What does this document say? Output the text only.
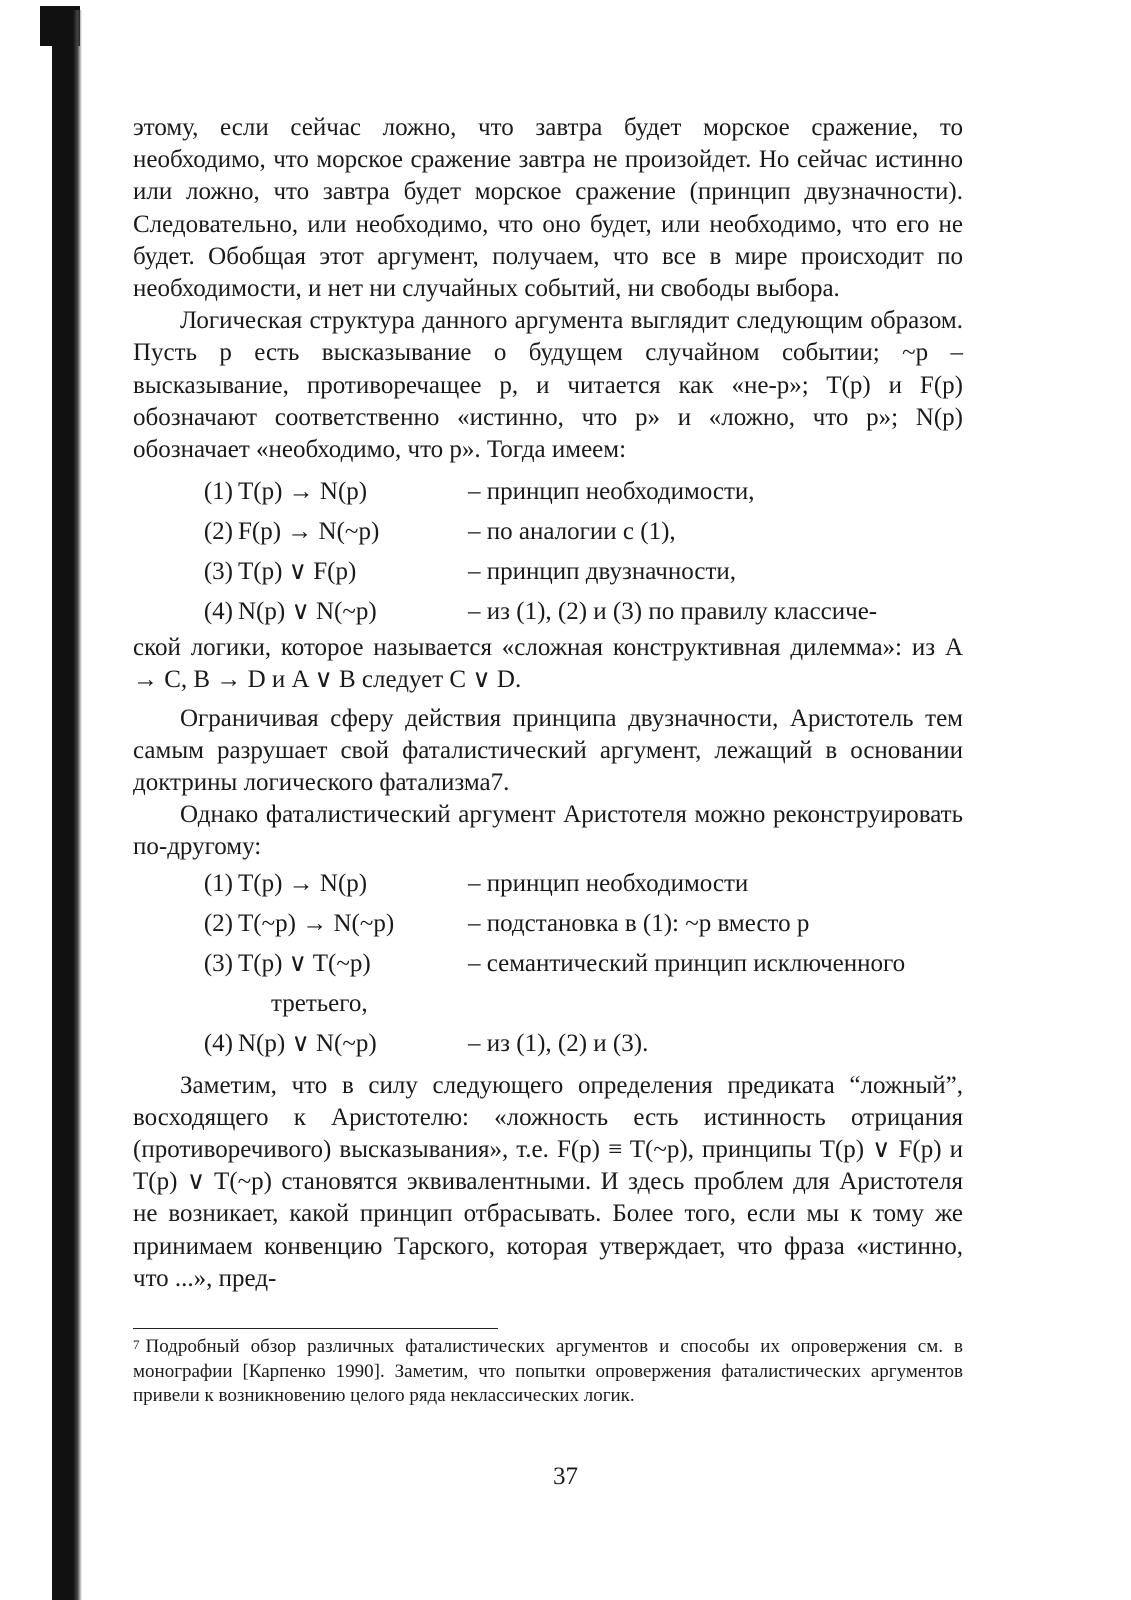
этому, если сейчас ложно, что завтра будет морское сражение, то необходимо, что морское сражение завтра не произойдет. Но сейчас истинно или ложно, что завтра будет морское сражение (принцип двузначности). Следовательно, или необходимо, что оно будет, или необходимо, что его не будет. Обобщая этот аргумент, получаем, что все в мире происходит по необходимости, и нет ни случайных событий, ни свободы выбора.

Логическая структура данного аргумента выглядит следующим образом. Пусть p есть высказывание о будущем случайном событии; ~p – высказывание, противоречащее p, и читается как «не-p»; T(p) и F(p) обозначают соответственно «истинно, что p» и «ложно, что p»; N(p) обозначает «необходимо, что p». Тогда имеем:

(1) T(p) → N(p)	– принцип необходимости,
(2) F(p) → N(~p)	– по аналогии с (1),
(3) T(p) ∨ F(p)	– принцип двузначности,
(4) N(p) ∨ N(~p)	– из (1), (2) и (3) по правилу классиче-

ской логики, которое называется «сложная конструктивная дилемма»: из A → C, B → D и A ∨ B следует C ∨ D.

Ограничивая сферу действия принципа двузначности, Аристотель тем самым разрушает свой фаталистический аргумент, лежащий в основании доктрины логического фатализма7.

Однако фаталистический аргумент Аристотеля можно реконструировать по-другому:

(1) T(p) → N(p)	– принцип необходимости
(2) T(~p) → N(~p)	– подстановка в (1): ~p вместо p
(3) T(p) ∨ T(~p)	– семантический принцип исключенного
третьего,
(4) N(p) ∨ N(~p)	– из (1), (2) и (3).

Заметим, что в силу следующего определения предиката “ложный”, восходящего к Аристотелю: «ложность есть истинность отрицания (противоречивого) высказывания», т.е. F(p) ≡ T(~p), принципы T(p) ∨ F(p) и T(p) ∨ T(~p) становятся эквивалентными. И здесь проблем для Аристотеля не возникает, какой принцип отбрасывать. Более того, если мы к тому же принимаем конвенцию Тарского, которая утверждает, что фраза «истинно, что ...», пред-

$^7$ Подробный обзор различных фаталистических аргументов и способы их опровержения см. в монографии [Карпенко 1990]. Заметим, что попытки опровержения фаталистических аргументов привели к возникновению целого ряда неклассических логик.
37
